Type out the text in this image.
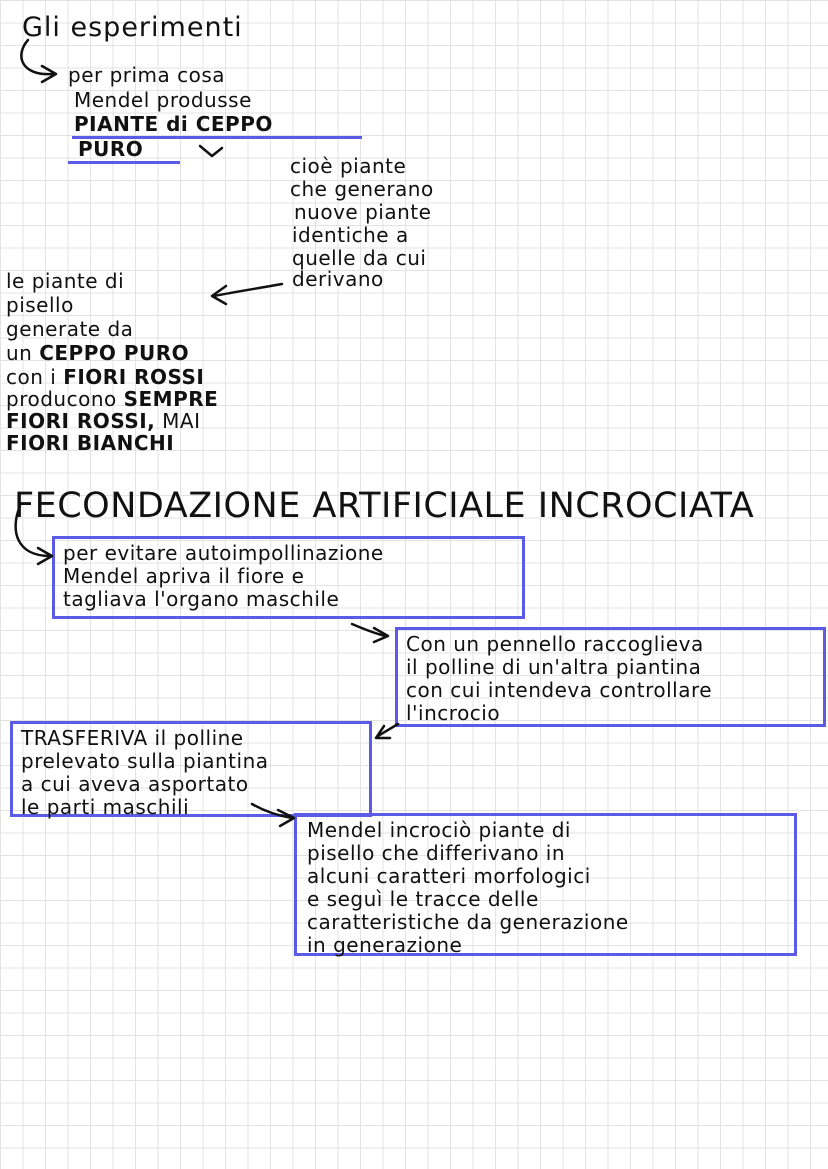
Gli esperimenti

per prima cosa

Mendel produsse

PIANTE di CEPPO

PURO

cioè piante

che generano

nuove piante

identiche a

quelle da cui

derivano

le piante di

pisello

generate da

un CEPPO PURO

con i FIORI ROSSI

producono SEMPRE

FIORI ROSSI, MAI

FIORI BIANCHI

FECONDAZIONE ARTIFICIALE INCROCIATA

per evitare autoimpollinazione

Mendel apriva il fiore e

tagliava l'organo maschile

Con un pennello raccoglieva

il polline di un'altra piantina

con cui intendeva controllare

l'incrocio

TRASFERIVA il polline

prelevato sulla piantina

a cui aveva asportato

le parti maschili

Mendel incrociò piante di

pisello che differivano in

alcuni caratteri morfologici

e seguì le tracce delle

caratteristiche da generazione

in generazione
